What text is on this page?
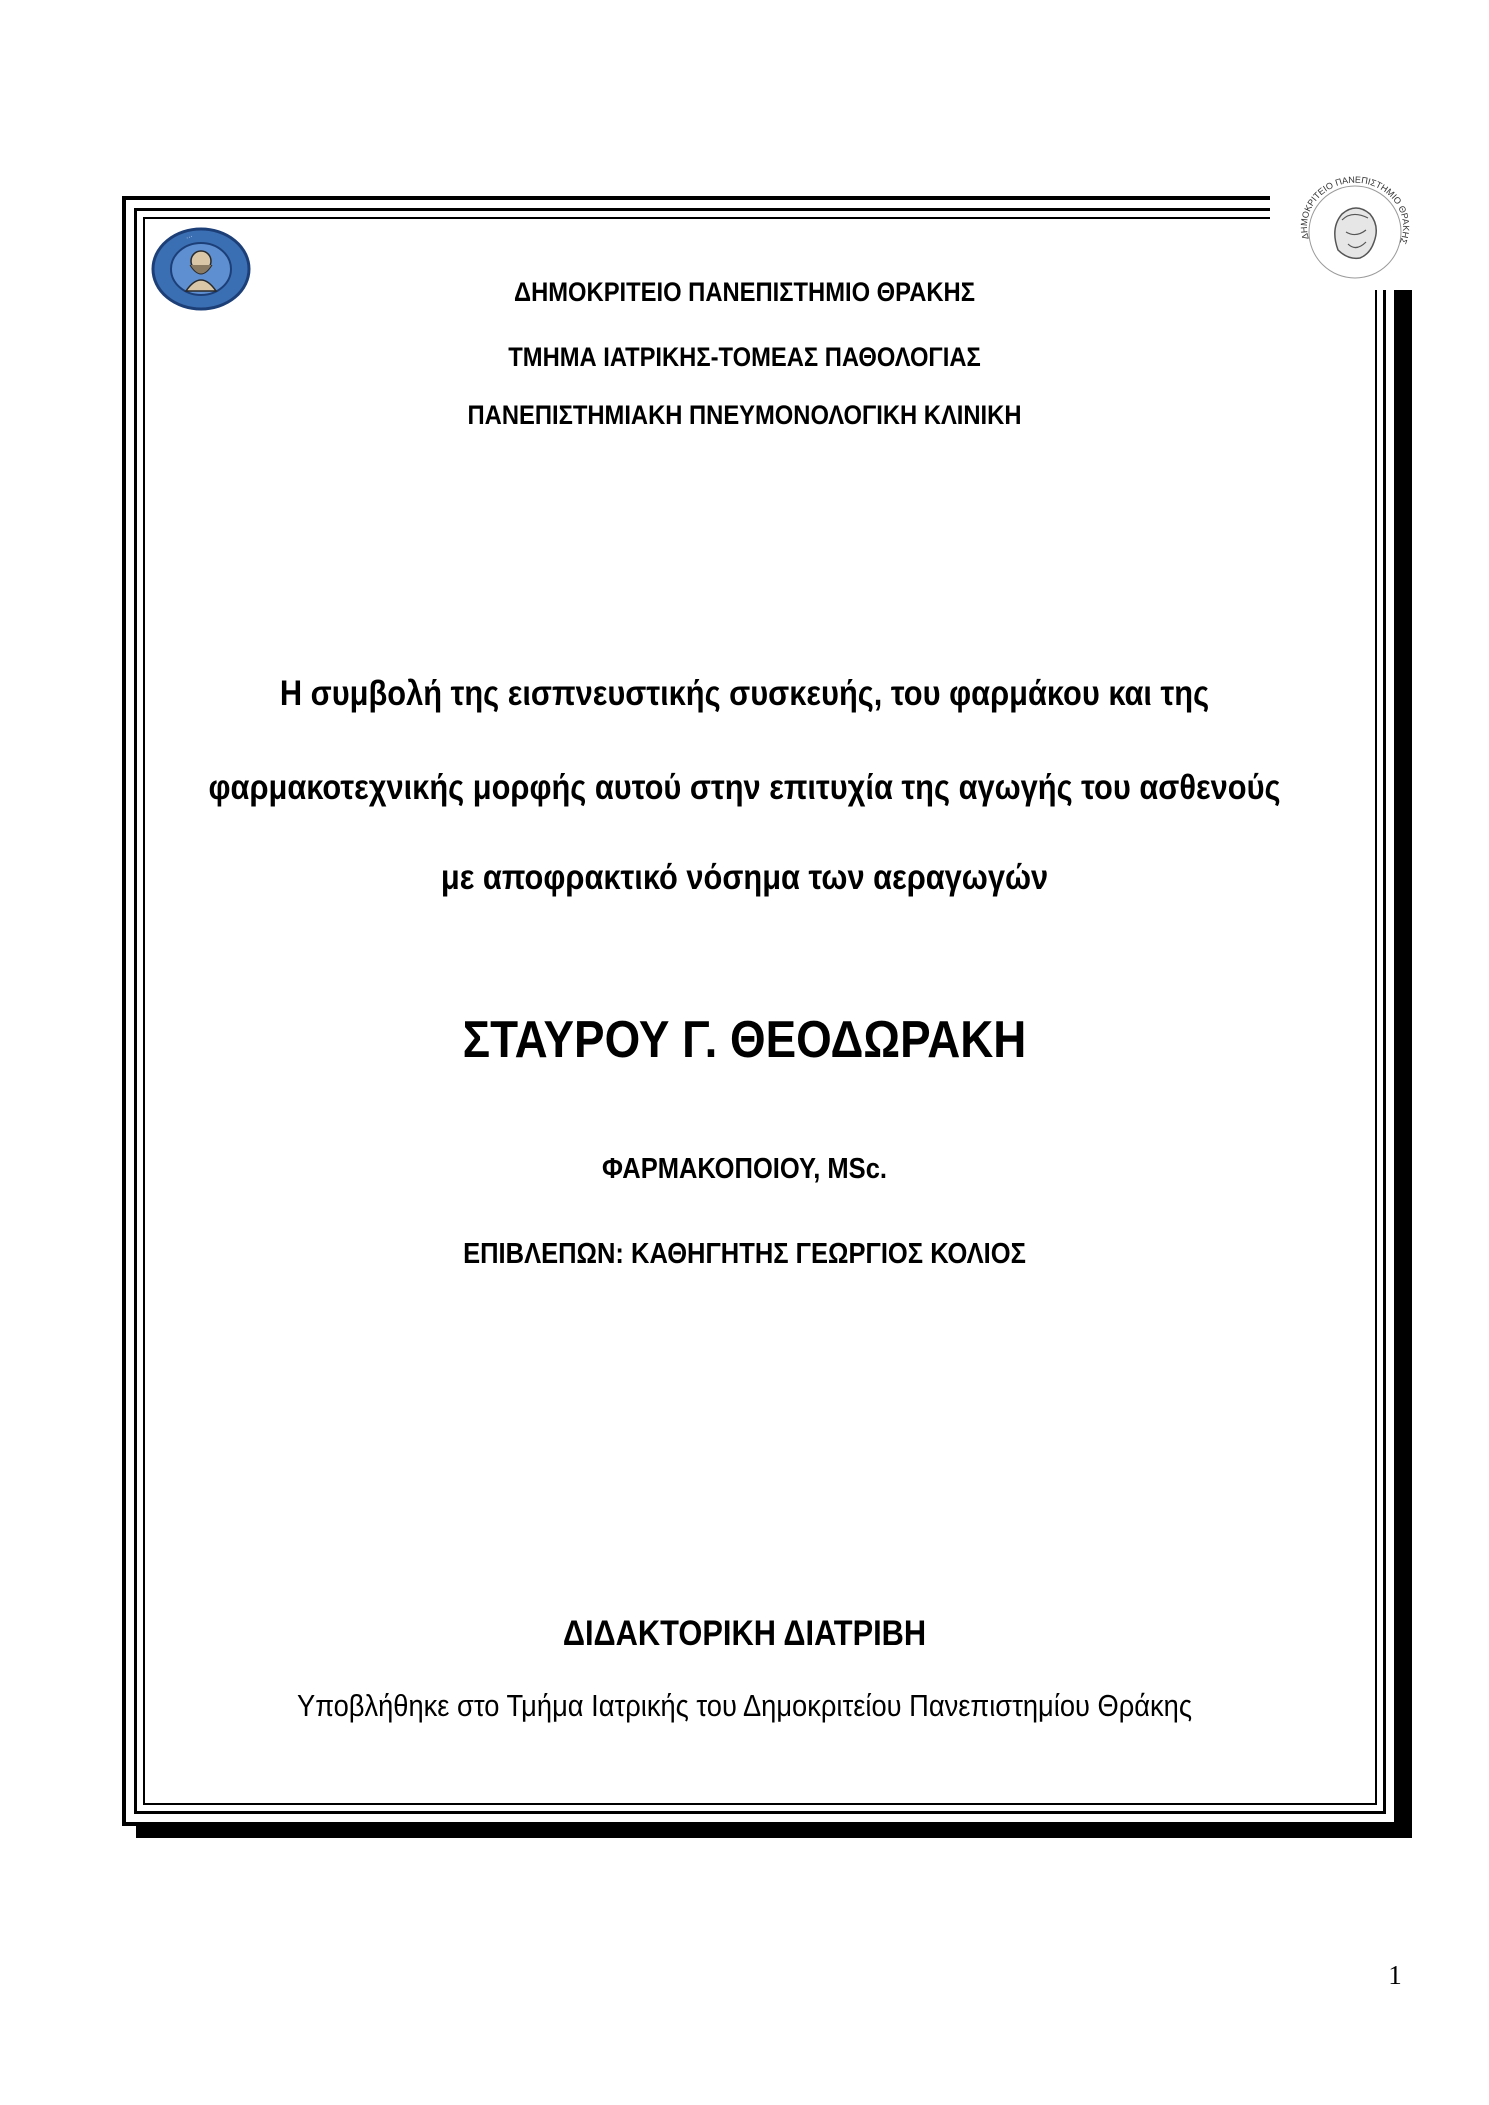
···	ΔΗΜΟΚΡΙΤΕΙΟ ΠΑΝΕΠΙΣΤΗΜΙΟ ΘΡΑΚΗΣ
ΔΗΜΟΚΡΙΤΕΙΟ ΠΑΝΕΠΙΣΤΗΜΙΟ ΘΡΑΚΗΣ
ΤΜΗΜΑ ΙΑΤΡΙΚΗΣ-ΤΟΜΕΑΣ ΠΑΘΟΛΟΓΙΑΣ
ΠΑΝΕΠΙΣΤΗΜΙΑΚΗ ΠΝΕΥΜΟΝΟΛΟΓΙΚΗ ΚΛΙΝΙΚΗ
Η συμβολή της εισπνευστικής συσκευής, του φαρμάκου και της
φαρμακοτεχνικής μορφής αυτού στην επιτυχία της αγωγής του ασθενούς
με αποφρακτικό νόσημα των αεραγωγών
ΣΤΑΥΡΟΥ Γ. ΘΕΟΔΩΡΑΚΗ
ΦΑΡΜΑΚΟΠΟΙΟΥ, MSc.
ΕΠΙΒΛΕΠΩΝ: ΚΑΘΗΓΗΤΗΣ ΓΕΩΡΓΙΟΣ ΚΟΛΙΟΣ
ΔΙΔΑΚΤΟΡΙΚΗ ΔΙΑΤΡΙΒΗ
Υποβλήθηκε στο Τμήμα Ιατρικής του Δημοκριτείου Πανεπιστημίου Θράκης
1
